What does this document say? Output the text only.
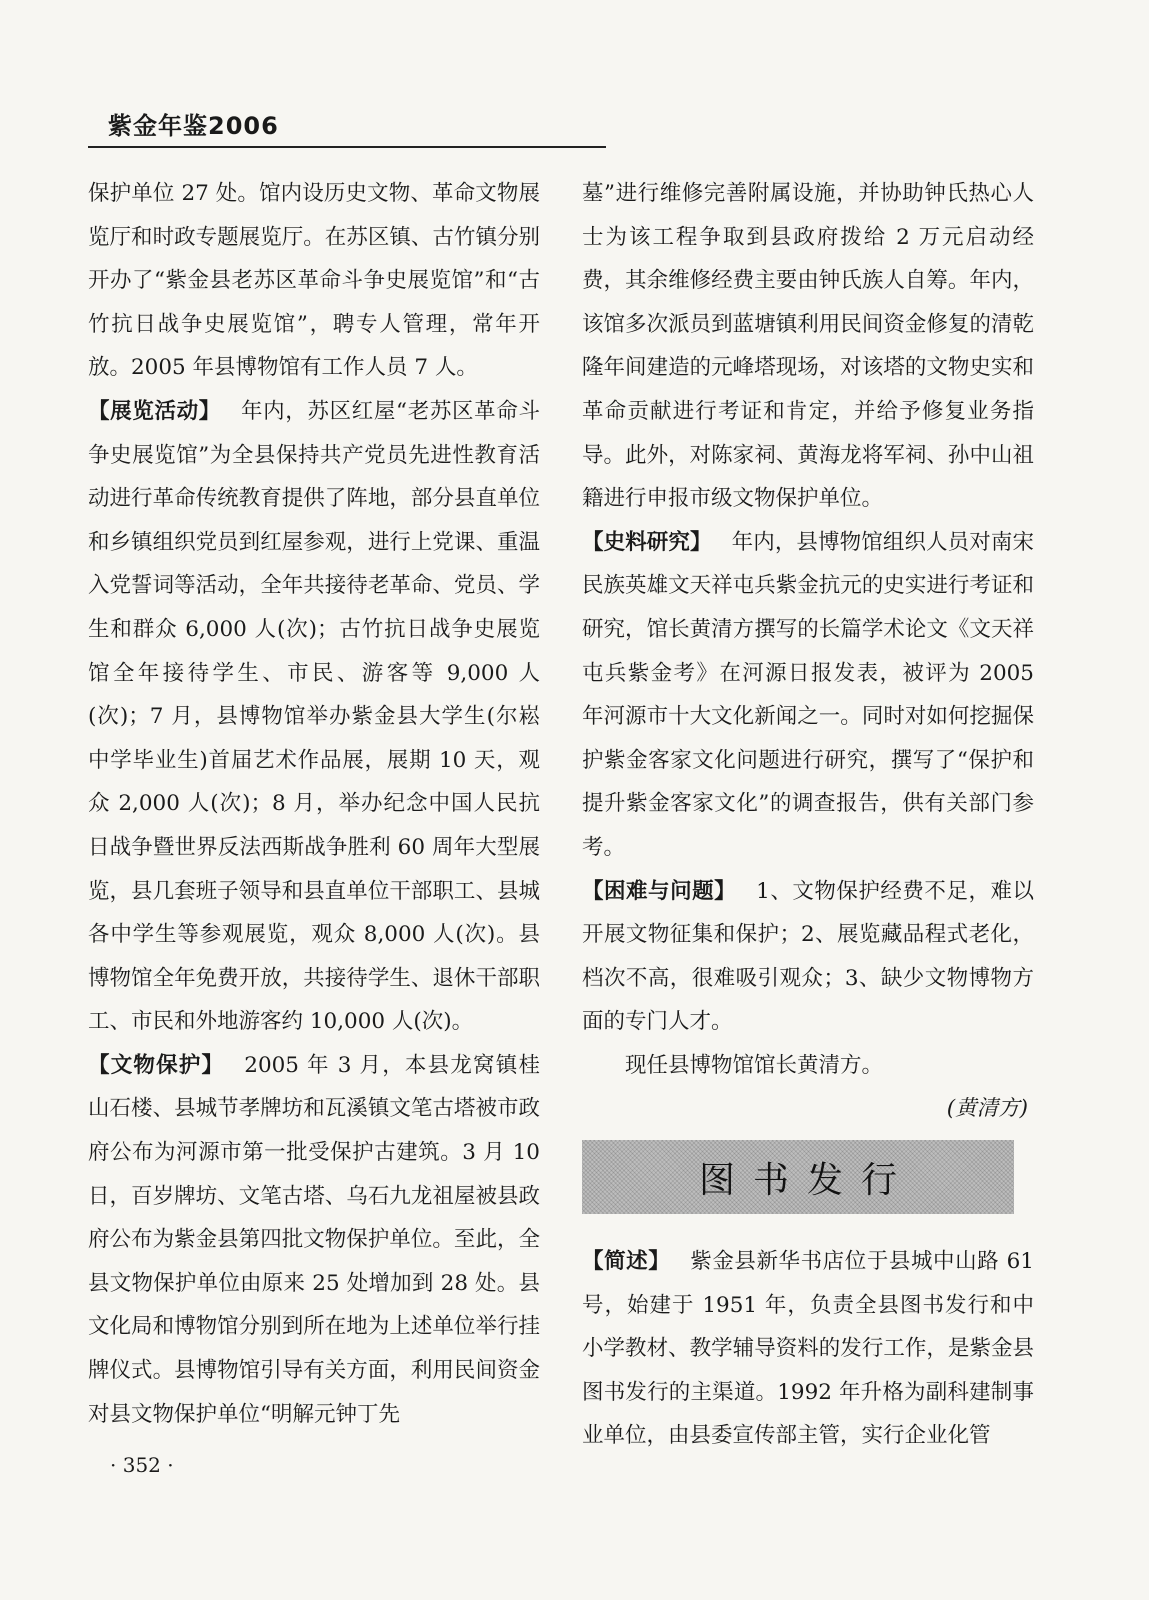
紫金年鉴2006

保护单位 27 处。馆内设历史文物、革命文物展览厅和时政专题展览厅。在苏区镇、古竹镇分别开办了“紫金县老苏区革命斗争史展览馆”和“古竹抗日战争史展览馆”，聘专人管理，常年开放。2005 年县博物馆有工作人员 7 人。

【展览活动】 年内，苏区红屋“老苏区革命斗争史展览馆”为全县保持共产党员先进性教育活动进行革命传统教育提供了阵地，部分县直单位和乡镇组织党员到红屋参观，进行上党课、重温入党誓词等活动，全年共接待老革命、党员、学生和群众 6,000 人(次)；古竹抗日战争史展览馆全年接待学生、市民、游客等 9,000 人(次)；7 月，县博物馆举办紫金县大学生(尔崧中学毕业生)首届艺术作品展，展期 10 天，观众 2,000 人(次)；8 月，举办纪念中国人民抗日战争暨世界反法西斯战争胜利 60 周年大型展览，县几套班子领导和县直单位干部职工、县城各中学生等参观展览，观众 8,000 人(次)。县博物馆全年免费开放，共接待学生、退休干部职工、市民和外地游客约 10,000 人(次)。

【文物保护】 2005 年 3 月，本县龙窝镇桂山石楼、县城节孝牌坊和瓦溪镇文笔古塔被市政府公布为河源市第一批受保护古建筑。3 月 10 日，百岁牌坊、文笔古塔、乌石九龙祖屋被县政府公布为紫金县第四批文物保护单位。至此，全县文物保护单位由原来 25 处增加到 28 处。县文化局和博物馆分别到所在地为上述单位举行挂牌仪式。县博物馆引导有关方面，利用民间资金对县文物保护单位“明解元钟丁先

墓”进行维修完善附属设施，并协助钟氏热心人士为该工程争取到县政府拨给 2 万元启动经费，其余维修经费主要由钟氏族人自筹。年内，该馆多次派员到蓝塘镇利用民间资金修复的清乾隆年间建造的元峰塔现场，对该塔的文物史实和革命贡献进行考证和肯定，并给予修复业务指导。此外，对陈家祠、黄海龙将军祠、孙中山祖籍进行申报市级文物保护单位。

【史料研究】 年内，县博物馆组织人员对南宋民族英雄文天祥屯兵紫金抗元的史实进行考证和研究，馆长黄清方撰写的长篇学术论文《文天祥屯兵紫金考》在河源日报发表，被评为 2005 年河源市十大文化新闻之一。同时对如何挖掘保护紫金客家文化问题进行研究，撰写了“保护和提升紫金客家文化”的调查报告，供有关部门参考。

【困难与问题】 1、文物保护经费不足，难以开展文物征集和保护；2、展览藏品程式老化，档次不高，很难吸引观众；3、缺少文物博物方面的专门人才。

现任县博物馆馆长黄清方。

(黄清方)

图书发行

【简述】 紫金县新华书店位于县城中山路 61 号，始建于 1951 年，负责全县图书发行和中小学教材、教学辅导资料的发行工作，是紫金县图书发行的主渠道。1992 年升格为副科建制事业单位，由县委宣传部主管，实行企业化管

· 352 ·
